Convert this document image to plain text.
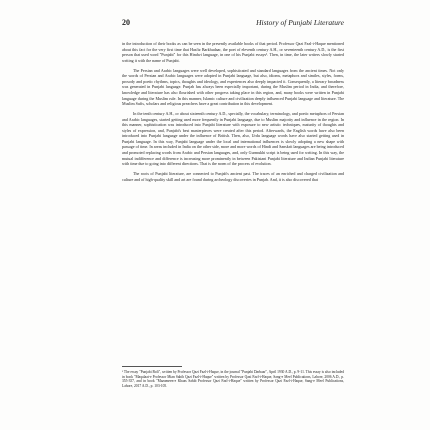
20	History of Punjabi Literature

in the introduction of their books as can be seen in the presently available books of that period. Professor Qazi Fazl-i-Haque mentioned about this fact for the very first time that Hasfiz Barkhudaar, the poet of eleventh century A.H., or seventeenth century A.D., is the first person that used word "Punjabi" for this Hindwi language, in one of his Punjabi essays¹. Then, in time, the later writers slowly started writing it with the name of Punjabi.

The Persian and Arabic languages were well developed, sophisticated and standard languages from the ancient times. Not only the words of Persian and Arabic languages were adopted in Punjabi language, but also, idioms, metaphors and similes, styles, forms, prosody and poetic rhythms, topics, thoughts and ideology, and experiences also deeply impacted it. Consequently, a literary broadness was generated in Punjabi language. Punjab has always been especially important, during the Muslim period in India, and therefore, knowledge and literature has also flourished with other progress taking place in this region, and, many books were written in Punjabi language during the Muslim rule. In this manner, Islamic culture and civilization deeply influenced Punjabi language and literature. The Muslim Sufis, scholars and religious preachers have a great contribution in this development.

In the tenth century A.H., or about sixteenth century A.D., specially, the vocabulary, terminology, and poetic metaphors of Persian and Arabic languages, started getting used more frequently in Punjabi language, due to Muslim majority and influence in the region. In this manner, sophistication was introduced into Punjabi literature with exposure to new artistic techniques, maturity of thoughts and styles of expression, and, Punjabi's best masterpieces were created after this period. Afterwards, the English words have also been introduced into Punjabi language under the influence of British. Then, also, Urdu language words have also started getting used in Punjabi language. In this way, Punjabi language under the local and international influences is slowly adopting a new shape with passage of time. In areas included in India on the other side, more and more words of Hindi and Sanskrit languages are being introduced and promoted replacing words from Arabic and Persian languages, and, only Gurmukhi script is being used for writing. In this way, the mutual indifference and difference is increasing more prominently in between Pakistani Punjabi literature and Indian Punjabi literature with time due to going into different directions. That is the norm of the process of evolution.

The roots of Punjabi literature, are connected to Punjab's ancient past. The traces of an enriched and charged civilization and culture and of high-quality skill and art are found during archeology discoveries in Punjab. And, it is also discovered that

¹ The essay "Punjabi Boli", written by Professor Qazi Fazl-i-Haque, in the journal "Punjabi Darbaar", April 1930 A.D., p. 9-11. This essay is also included in book "Maqalaat-e Professor Mian Sahib Qazi Fazl-i-Haque" written by Professor Qazi Fazl-i-Haque, Sang-e Meel Publications, Lahore, 2006 A.D., p. 355-357, and in book "Mazameen-e Khaas Sahib Professor Qazi Fazl-i-Haque" written by Professor Qazi Fazl-i-Haque, Sang-e Meel Publications, Lahore, 2017 A.D., p. 103-105.
